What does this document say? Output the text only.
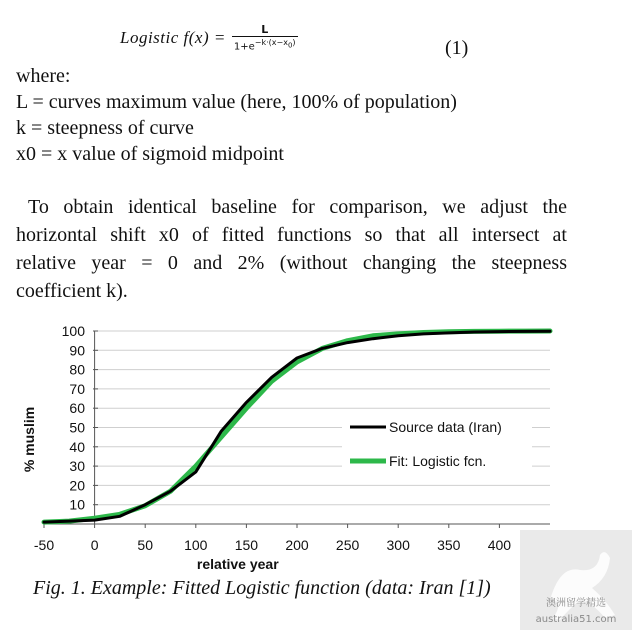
Logistic $f(x) = \frac{L}{1+e^{-k\cdot(x-x_0)}}$	(1)
where:
L = curves maximum value (here, 100% of population)
k = steepness of curve
x0 = x value of sigmoid midpoint
To obtain identical baseline for comparison, we adjust the
horizontal shift x0 of fitted functions so that all intersect at
relative year = 0 and 2% (without changing the steepness
coefficient k).
10
20
30
40
50
60
70
80
90
100
-50	0	50 100 150 200 250 300 350 400
relative year
% muslim	Source data (Iran)
Fit: Logistic fcn.
Fig. 1. Example: Fitted Logistic function (data: Iran [1])
澳洲留学精选
australia51.com
